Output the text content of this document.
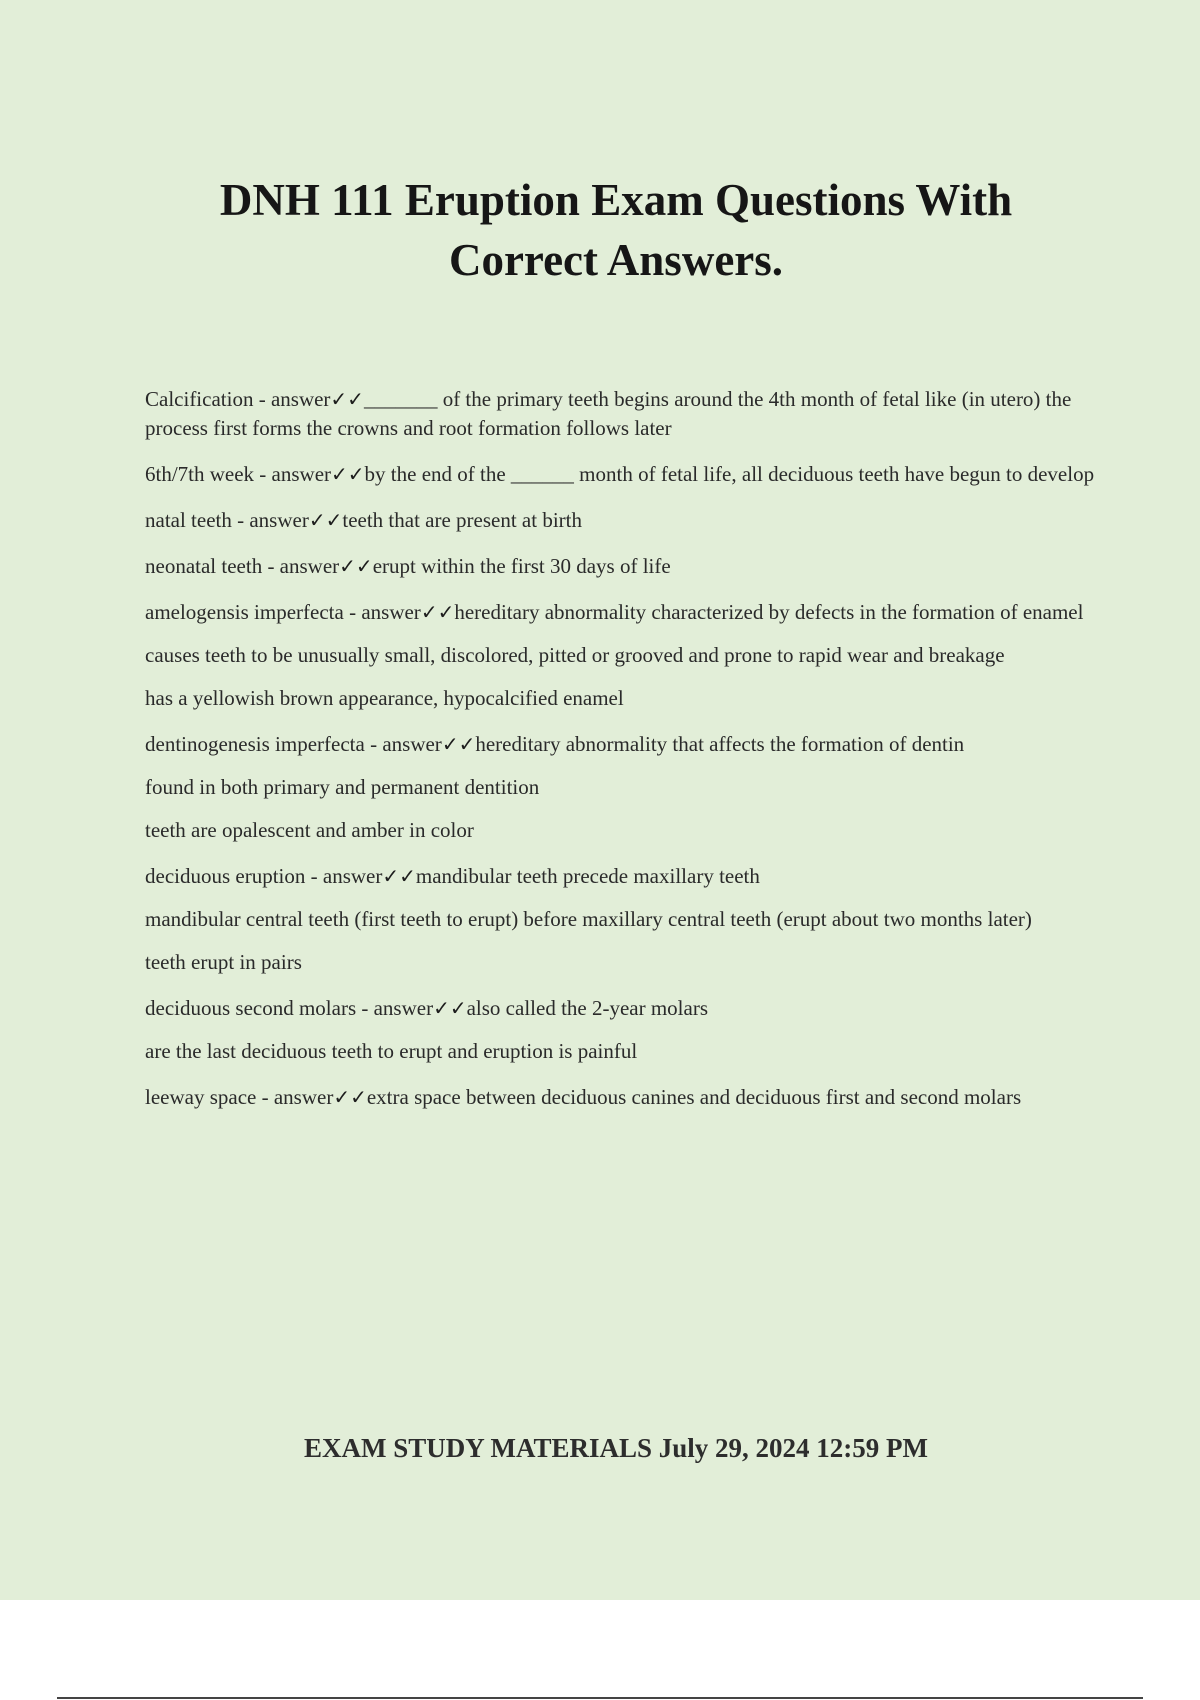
DNH 111 Eruption Exam Questions With Correct Answers.
Calcification - answer✓✓_______ of the primary teeth begins around the 4th month of fetal like (in utero) the process first forms the crowns and root formation follows later
6th/7th week - answer✓✓by the end of the ______ month of fetal life, all deciduous teeth have begun to develop
natal teeth - answer✓✓teeth that are present at birth
neonatal teeth - answer✓✓erupt within the first 30 days of life
amelogensis imperfecta - answer✓✓hereditary abnormality characterized by defects in the formation of enamel
causes teeth to be unusually small, discolored, pitted or grooved and prone to rapid wear and breakage
has a yellowish brown appearance, hypocalcified enamel
dentinogenesis imperfecta - answer✓✓hereditary abnormality that affects the formation of dentin
found in both primary and permanent dentition
teeth are opalescent and amber in color
deciduous eruption - answer✓✓mandibular teeth precede maxillary teeth
mandibular central teeth (first teeth to erupt) before maxillary central teeth (erupt about two months later)
teeth erupt in pairs
deciduous second molars - answer✓✓also called the 2-year molars
are the last deciduous teeth to erupt and eruption is painful
leeway space - answer✓✓extra space between deciduous canines and deciduous first and second molars

EXAM STUDY MATERIALS July 29, 2024 12:59 PM
